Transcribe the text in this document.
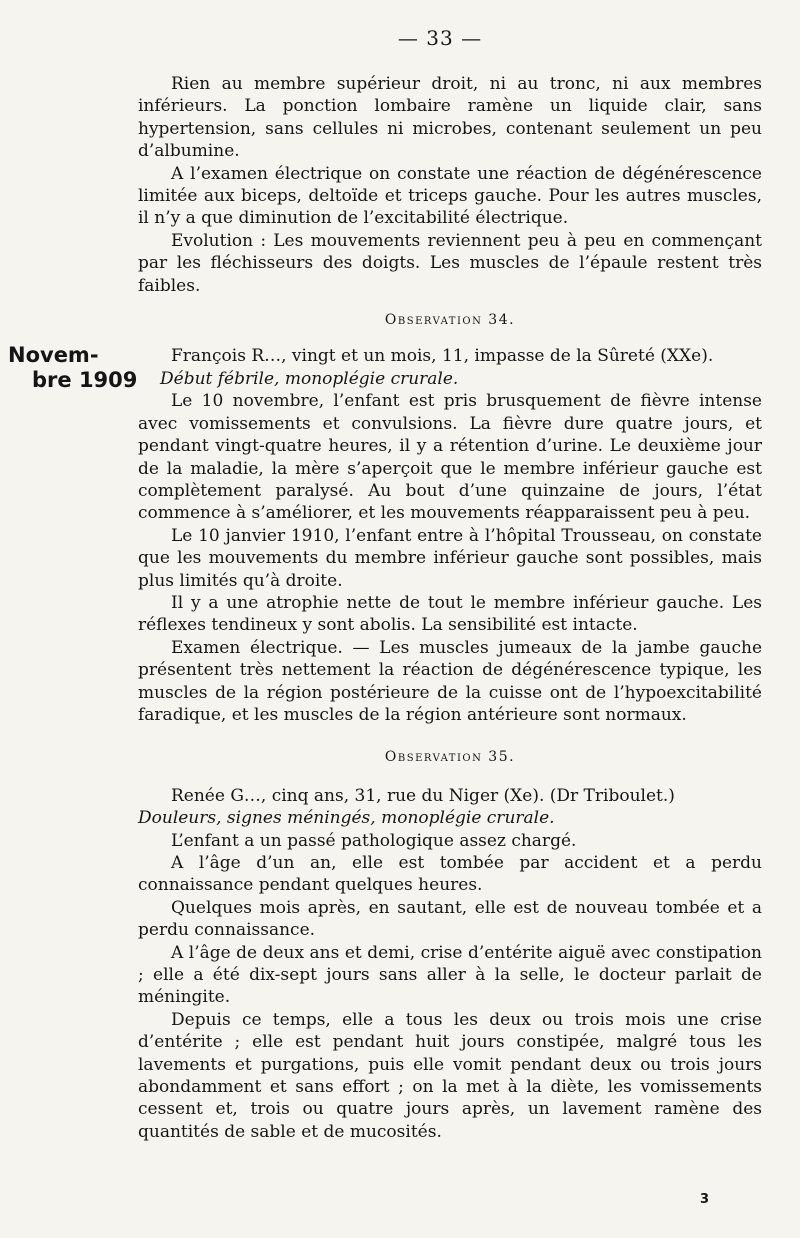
— 33 —
Novem-
bre 1909

Rien au membre supérieur droit, ni au tronc, ni aux membres inférieurs. La ponction lombaire ramène un liquide clair, sans hypertension, sans cellules ni microbes, contenant seulement un peu d’albumine.

A l’examen électrique on constate une réaction de dégénérescence limitée aux biceps, deltoïde et triceps gauche. Pour les autres muscles, il n’y a que diminution de l’excitabilité électrique.

Evolution : Les mouvements reviennent peu à peu en commençant par les fléchisseurs des doigts. Les muscles de l’épaule restent très faibles.

Observation 34.

François R…, vingt et un mois, 11, impasse de la Sûreté (XXe).

Début fébrile, monoplégie crurale.

Le 10 novembre, l’enfant est pris brusquement de fièvre intense avec vomissements et convulsions. La fièvre dure quatre jours, et pendant vingt-quatre heures, il y a rétention d’urine. Le deuxième jour de la maladie, la mère s’aperçoit que le membre inférieur gauche est complètement paralysé. Au bout d’une quinzaine de jours, l’état commence à s’améliorer, et les mouvements réapparaissent peu à peu.

Le 10 janvier 1910, l’enfant entre à l’hôpital Trousseau, on constate que les mouvements du membre inférieur gauche sont possibles, mais plus limités qu’à droite.

Il y a une atrophie nette de tout le membre inférieur gauche. Les réflexes tendineux y sont abolis. La sensibilité est intacte.

Examen électrique. — Les muscles jumeaux de la jambe gauche présentent très nettement la réaction de dégénérescence typique, les muscles de la région postérieure de la cuisse ont de l’hypoexcitabilité faradique, et les muscles de la région antérieure sont normaux.

Observation 35.

Renée G…, cinq ans, 31, rue du Niger (Xe). (Dr Triboulet.)

Douleurs, signes méningés, monoplégie crurale.

L’enfant a un passé pathologique assez chargé.

A l’âge d’un an, elle est tombée par accident et a perdu connaissance pendant quelques heures.

Quelques mois après, en sautant, elle est de nouveau tombée et a perdu connaissance.

A l’âge de deux ans et demi, crise d’entérite aiguë avec constipation ; elle a été dix-sept jours sans aller à la selle, le docteur parlait de méningite.

Depuis ce temps, elle a tous les deux ou trois mois une crise d’entérite ; elle est pendant huit jours constipée, malgré tous les lavements et purgations, puis elle vomit pendant deux ou trois jours abondamment et sans effort ; on la met à la diète, les vomissements cessent et, trois ou quatre jours après, un lavement ramène des quantités de sable et de mucosités.

3
